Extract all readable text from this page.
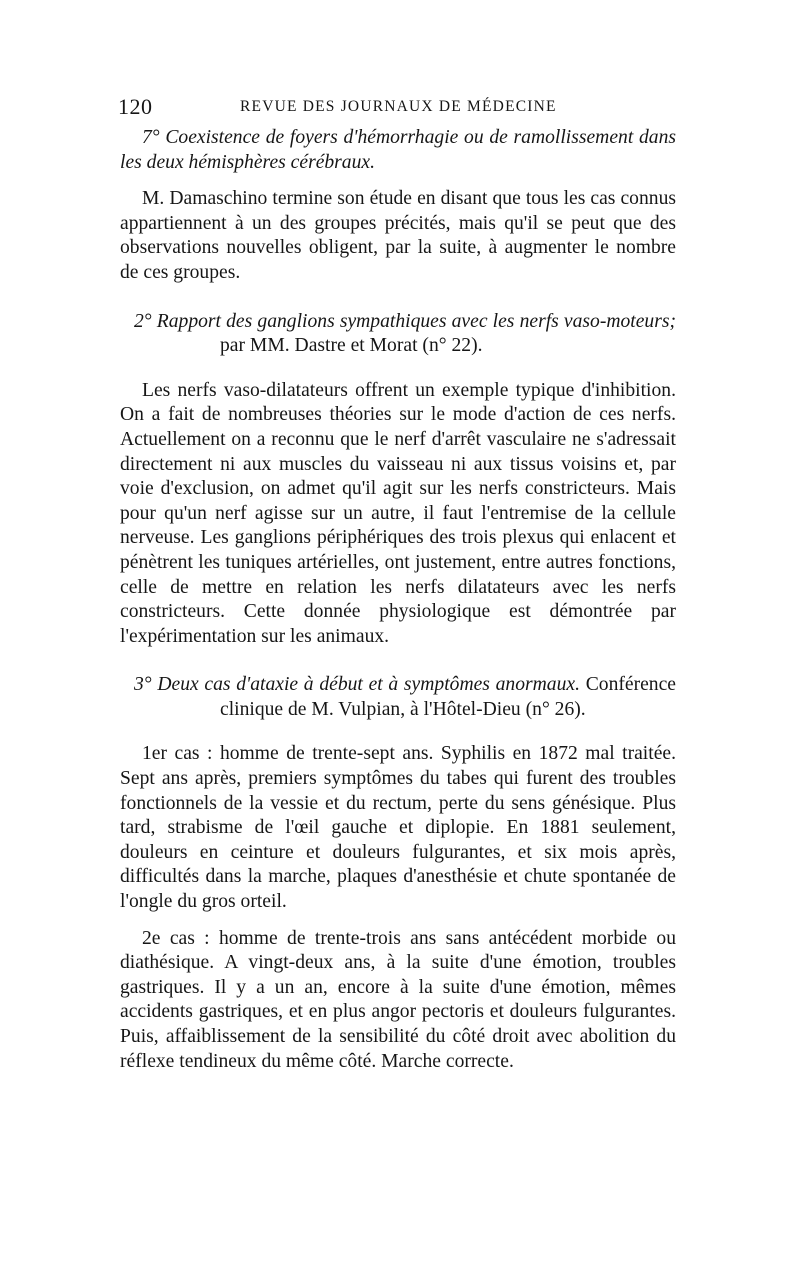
120	REVUE DES JOURNAUX DE MÉDECINE

7° Coexistence de foyers d'hémorrhagie ou de ramollissement dans les deux hémisphères cérébraux.

M. Damaschino termine son étude en disant que tous les cas connus appartiennent à un des groupes précités, mais qu'il se peut que des observations nouvelles obligent, par la suite, à augmenter le nombre de ces groupes.

2° Rapport des ganglions sympathiques avec les nerfs vaso-moteurs; par MM. Dastre et Morat (n° 22).

Les nerfs vaso-dilatateurs offrent un exemple typique d'inhibition. On a fait de nombreuses théories sur le mode d'action de ces nerfs. Actuellement on a reconnu que le nerf d'arrêt vasculaire ne s'adressait directement ni aux muscles du vaisseau ni aux tissus voisins et, par voie d'exclusion, on admet qu'il agit sur les nerfs constricteurs. Mais pour qu'un nerf agisse sur un autre, il faut l'entremise de la cellule nerveuse. Les ganglions périphériques des trois plexus qui enlacent et pénètrent les tuniques artérielles, ont justement, entre autres fonctions, celle de mettre en relation les nerfs dilatateurs avec les nerfs constricteurs. Cette donnée physiologique est démontrée par l'expérimentation sur les animaux.

3° Deux cas d'ataxie à début et à symptômes anormaux. Conférence clinique de M. Vulpian, à l'Hôtel-Dieu (n° 26).

1er cas : homme de trente-sept ans. Syphilis en 1872 mal traitée. Sept ans après, premiers symptômes du tabes qui furent des troubles fonctionnels de la vessie et du rectum, perte du sens génésique. Plus tard, strabisme de l'œil gauche et diplopie. En 1881 seulement, douleurs en ceinture et douleurs fulgurantes, et six mois après, difficultés dans la marche, plaques d'anesthésie et chute spontanée de l'ongle du gros orteil.

2e cas : homme de trente-trois ans sans antécédent morbide ou diathésique. A vingt-deux ans, à la suite d'une émotion, troubles gastriques. Il y a un an, encore à la suite d'une émotion, mêmes accidents gastriques, et en plus angor pectoris et douleurs fulgurantes. Puis, affaiblissement de la sensibilité du côté droit avec abolition du réflexe tendineux du même côté. Marche correcte.
